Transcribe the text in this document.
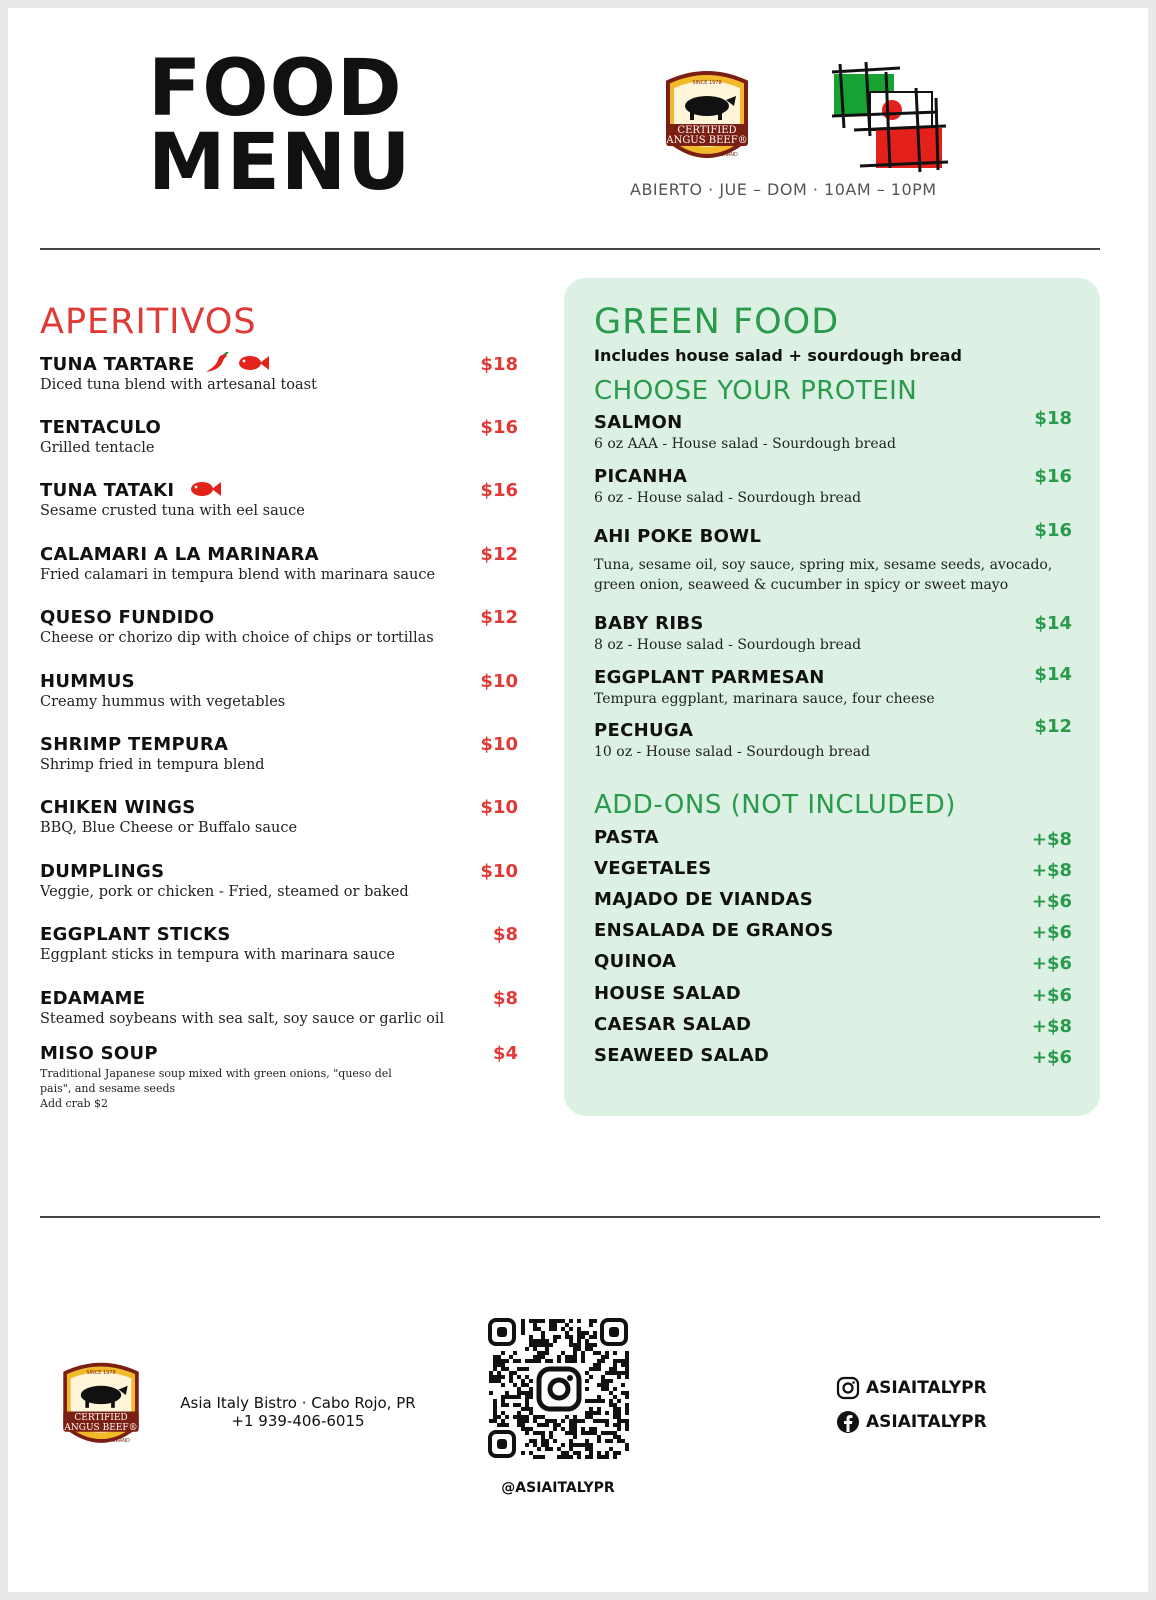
FOOD
MENU	CERTIFIED
ANGUS BEEF®
SINCE 1978
BRAND
ABIERTO · JUE – DOM · 10AM – 10PM
APERITIVOS
TUNA TARTARE
Diced tuna blend with artesanal toast
$18
TENTACULO
Grilled tentacle
$16
TUNA TATAKI
Sesame crusted tuna with eel sauce
$16
CALAMARI A LA MARINARA
Fried calamari in tempura blend with marinara sauce
$12
QUESO FUNDIDO
Cheese or chorizo dip with choice of chips or tortillas
$12
HUMMUS
Creamy hummus with vegetables
$10
SHRIMP TEMPURA
Shrimp fried in tempura blend
$10
CHIKEN WINGS
BBQ, Blue Cheese or Buffalo sauce
$10
DUMPLINGS
Veggie, pork or chicken - Fried, steamed or baked
$10
EGGPLANT STICKS
Eggplant sticks in tempura with marinara sauce
$8
EDAMAME
Steamed soybeans with sea salt, soy sauce or garlic oil
$8
MISO SOUP
Traditional Japanese soup mixed with green onions, "queso del pais", and sesame seeds
Add crab $2
$4
GREEN FOOD
Includes house salad + sourdough bread
CHOOSE YOUR PROTEIN
SALMON
6 oz AAA - House salad - Sourdough bread
$18
PICANHA
6 oz - House salad - Sourdough bread
$16
AHI POKE BOWL
Tuna, sesame oil, soy sauce, spring mix, sesame seeds, avocado, green onion, seaweed & cucumber in spicy or sweet mayo
$16
BABY RIBS
8 oz - House salad - Sourdough bread
$14
EGGPLANT PARMESAN
Tempura eggplant, marinara sauce, four cheese
$14
PECHUGA
10 oz - House salad - Sourdough bread
$12
ADD-ONS (NOT INCLUDED)
PASTA	+$8
VEGETALES	+$8
MAJADO DE VIANDAS	+$6
ENSALADA DE GRANOS	+$6
QUINOA	+$6
HOUSE SALAD	+$6
CAESAR SALAD	+$8
SEAWEED SALAD	+$6
CERTIFIED
ANGUS BEEF®
SINCE 1978
BRAND
Asia Italy Bistro · Cabo Rojo, PR
+1 939-406-6015
@ASIAITALYPR
ASIAITALYPR
ASIAITALYPR
